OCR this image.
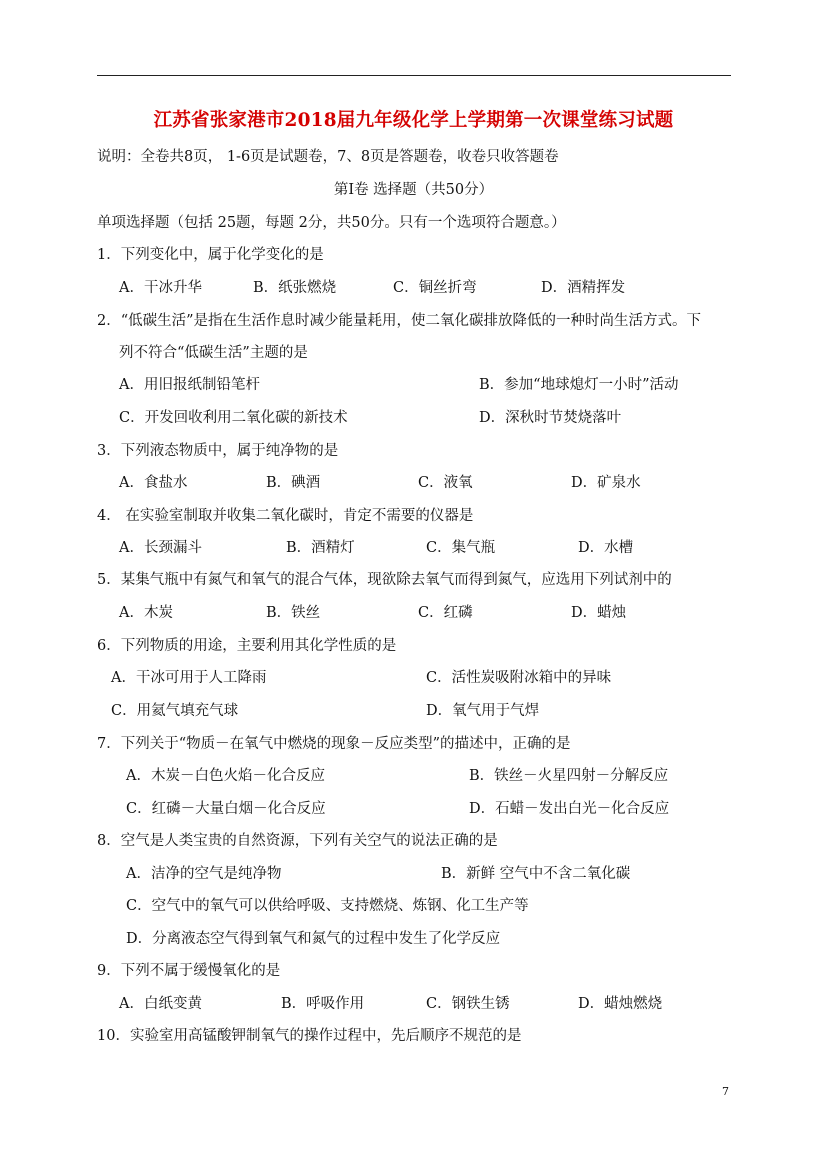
江苏省张家港市2018届九年级化学上学期第一次课堂练习试题
说明：全卷共8页， 1-6页是试题卷，7、8页是答题卷，收卷只收答题卷
第Ⅰ卷 选择题（共50分）
单项选择题（包括 25题，每题 2分，共50分。只有一个选项符合题意。）
1．下列变化中，属于化学变化的是
A．干冰升华	B．纸张燃烧	C．铜丝折弯	D．酒精挥发
2．“低碳生活”是指在生活作息时减少能量耗用，使二氧化碳排放降低的一种时尚生活方式。下
列不符合“低碳生活”主题的是
A．用旧报纸制铅笔杆	B．参加“地球熄灯一小时”活动
C．开发回收利用二氧化碳的新技术	D．深秋时节焚烧落叶
3．下列液态物质中，属于纯净物的是
A．食盐水	B．碘酒	C．液氧	D．矿泉水
4． 在实验室制取并收集二氧化碳时，肯定不需要的仪器是
A．长颈漏斗	B．酒精灯	C．集气瓶	D．水槽
5．某集气瓶中有氮气和氧气的混合气体，现欲除去氧气而得到氮气，应选用下列试剂中的
A．木炭	B．铁丝	C．红磷	D．蜡烛
6．下列物质的用途，主要利用其化学性质的是
A．干冰可用于人工降雨	C．活性炭吸附冰箱中的异味
C．用氦气填充气球	D．氧气用于气焊
7．下列关于“物质－在氧气中燃烧的现象－反应类型”的描述中，正确的是
A．木炭－白色火焰－化合反应	B．铁丝－火星四射－分解反应
C．红磷－大量白烟－化合反应	D．石蜡－发出白光－化合反应
8．空气是人类宝贵的自然资源，下列有关空气的说法正确的是
A．洁净的空气是纯净物	B．新鲜 空气中不含二氧化碳
C．空气中的氧气可以供给呼吸、支持燃烧、炼钢、化工生产等
D．分离液态空气得到氧气和氮气的过程中发生了化学反应
9．下列不属于缓慢氧化的是
A．白纸变黄	B．呼吸作用	C．钢铁生锈	D．蜡烛燃烧
10．实验室用高锰酸钾制氧气的操作过程中，先后顺序不规范的是
7
